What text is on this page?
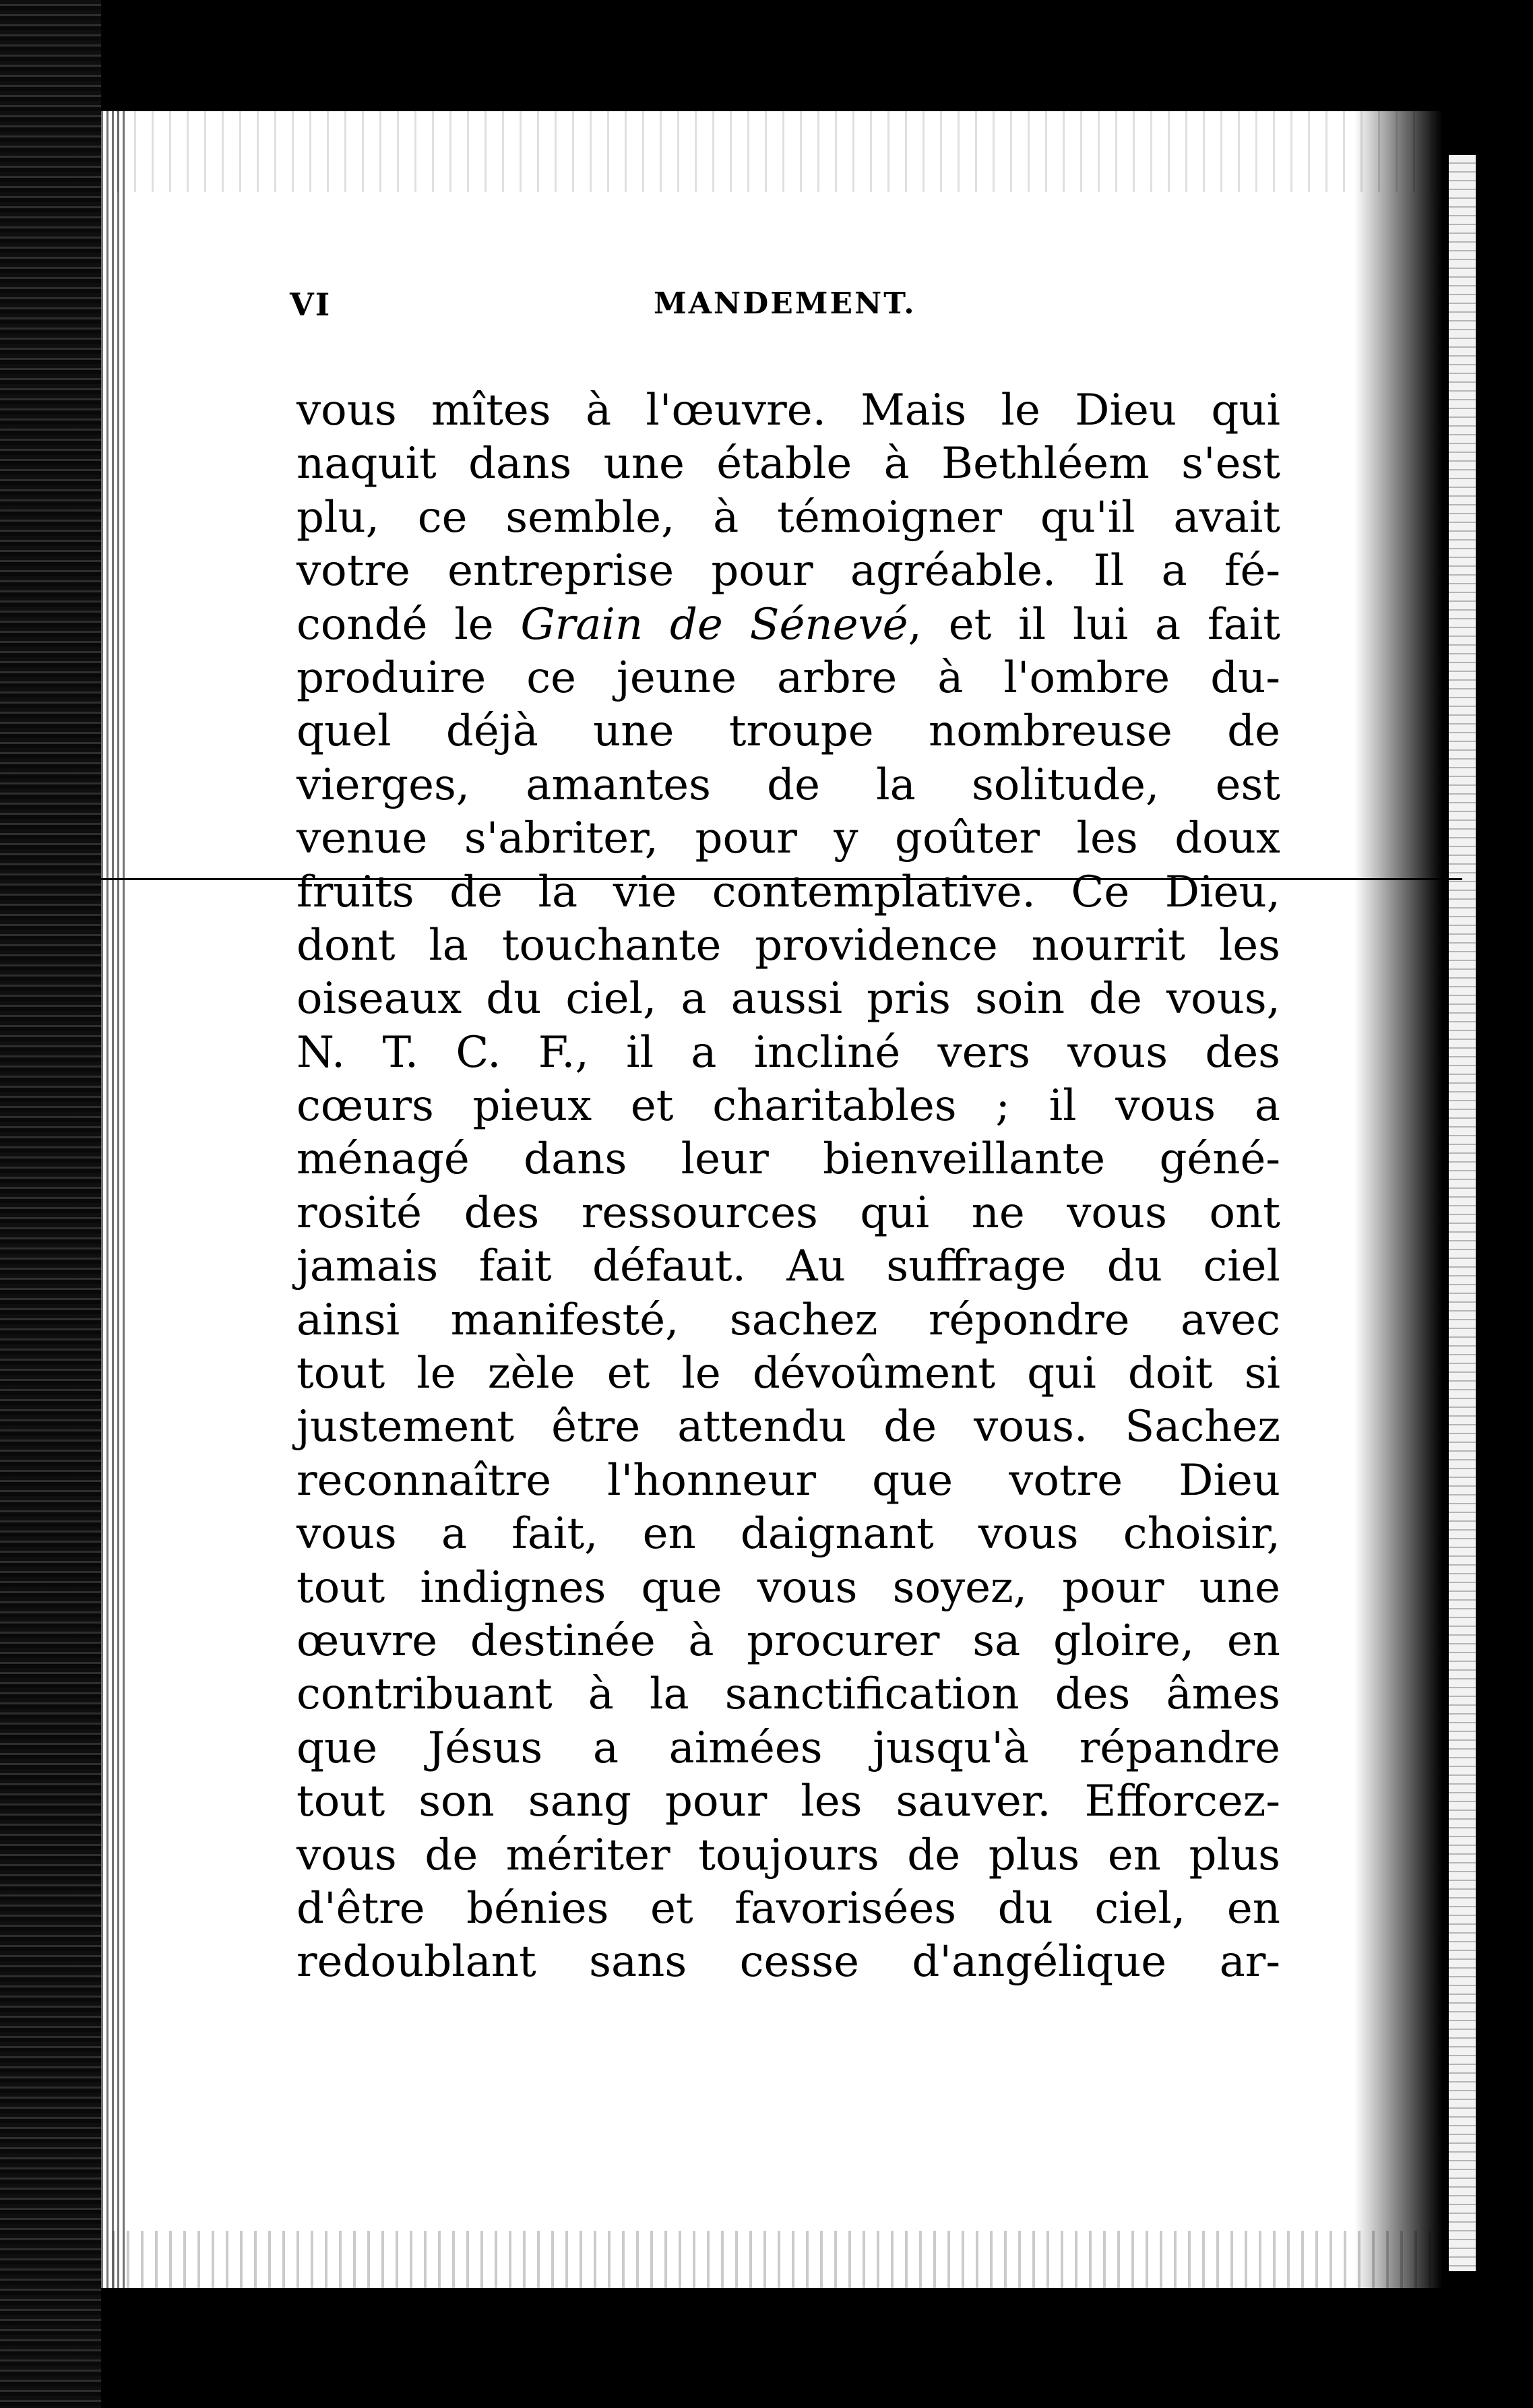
VI	MANDEMENT.
vous mîtes à l'œuvre. Mais le Dieu qui
naquit dans une étable à Bethléem s'est
plu, ce semble, à témoigner qu'il avait
votre entreprise pour agréable. Il a fé-
condé le Grain de Sénevé, et il lui a fait
produire ce jeune arbre à l'ombre du-
quel déjà une troupe nombreuse de
vierges, amantes de la solitude, est
venue s'abriter, pour y goûter les doux
fruits de la vie contemplative. Ce Dieu,
dont la touchante providence nourrit les
oiseaux du ciel, a aussi pris soin de vous,
N. T. C. F., il a incliné vers vous des
cœurs pieux et charitables ; il vous a
ménagé dans leur bienveillante géné-
rosité des ressources qui ne vous ont
jamais fait défaut. Au suffrage du ciel
ainsi manifesté, sachez répondre avec
tout le zèle et le dévoûment qui doit si
justement être attendu de vous. Sachez
reconnaître l'honneur que votre Dieu
vous a fait, en daignant vous choisir,
tout indignes que vous soyez, pour une
œuvre destinée à procurer sa gloire, en
contribuant à la sanctification des âmes
que Jésus a aimées jusqu'à répandre
tout son sang pour les sauver. Efforcez-
vous de mériter toujours de plus en plus
d'être bénies et favorisées du ciel, en
redoublant sans cesse d'angélique ar-
